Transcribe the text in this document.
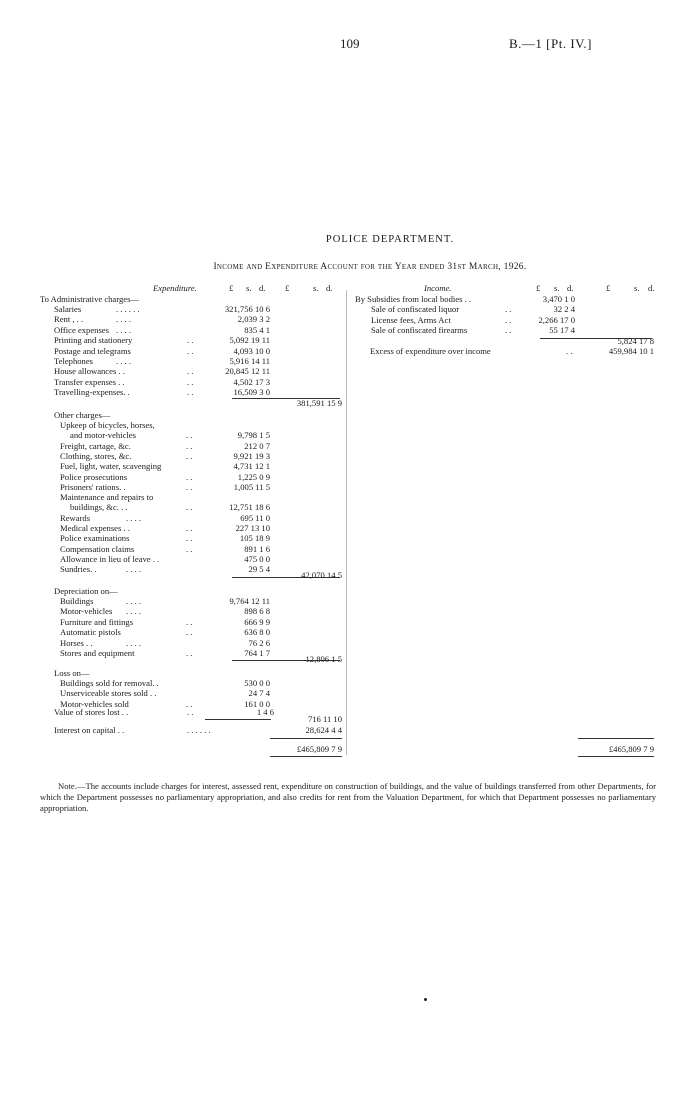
109	B.—1 [Pt. IV.]
POLICE DEPARTMENT.
Income and Expenditure Account for the Year ended 31st March, 1926.
Expenditure.	£ s. d. £	s. d.
To Administrative charges—
Salaries	. . . . . .	321,756 10 6
Rent , . .	. . . .	2,039 3 2
Office expenses . . . .	835 4 1
Printing and stationery	. .	5,092 19 11
Postage and telegrams	. .	4,093 10 0
Telephones	. . . .	5,916 14 11
House allowances . .	. .	20,845 12 11
Transfer expenses . .	. .	4,502 17 3
Travelling-expenses. .	. .	16,509 3 0
381,591 15 9
Other charges—
Upkeep of bicycles, horses,
and motor-vehicles	. .	9,798 1 5
Freight, cartage, &c.	. .	212 0 7
Clothing, stores, &c.	. .	9,921 19 3
Fuel, light, water, scavenging	4,731 12 1
Police prosecutions	. .	1,225 0 9
Prisoners' rations. .	. .	1,005 11 5
Maintenance and repairs to
buildings, &c. . .	. .	12,751 18 6
Rewards	. . . .	695 11 0
Medical expenses . .	. .	227 13 10
Police examinations	. .	105 18 9
Compensation claims	. .	891 1 6
Allowance in lieu of leave . .	475 0 0
Sundries. .	. . . .	29 5 4
42,070 14 5
Depreciation on—
Buildings	. . . .	9,764 12 11
Motor-vehicles . . . .	898 6 8
Furniture and fittings	. .	666 9 9
Automatic pistols	. .	636 8 0
Horses . .	. . . .	76 2 6
Stores and equipment	. .	764 1 7
12,806 1 5
Loss on—
Buildings sold for removal. .	530 0 0
Unserviceable stores sold . .	24 7 4
Motor-vehicles sold	. .	161 0 0
Value of stores lost . .	. .	1 4 6
716 11 10
Interest on capital . .	. . . . . .	28,624 4 4
£465,809 7 9
Income.	£ s. d.	£	s. d.
By Subsidies from local bodies . .	3,470 1 0
Sale of confiscated liquor	. .	32 2 4
License fees, Arms Act	. .	2,266 17 0
Sale of confiscated firearms	. .	55 17 4
5,824 17 8
Excess of expenditure over income	. .	459,984 10 1
£465,809 7 9
Note.—The accounts include charges for interest, assessed rent, expenditure on construction of buildings, and the value of buildings transferred from other Departments, for which the Department possesses no parliamentary appropriation, and also credits for rent from the Valuation Department, for which that Department possesses no parliamentary appropriation.
